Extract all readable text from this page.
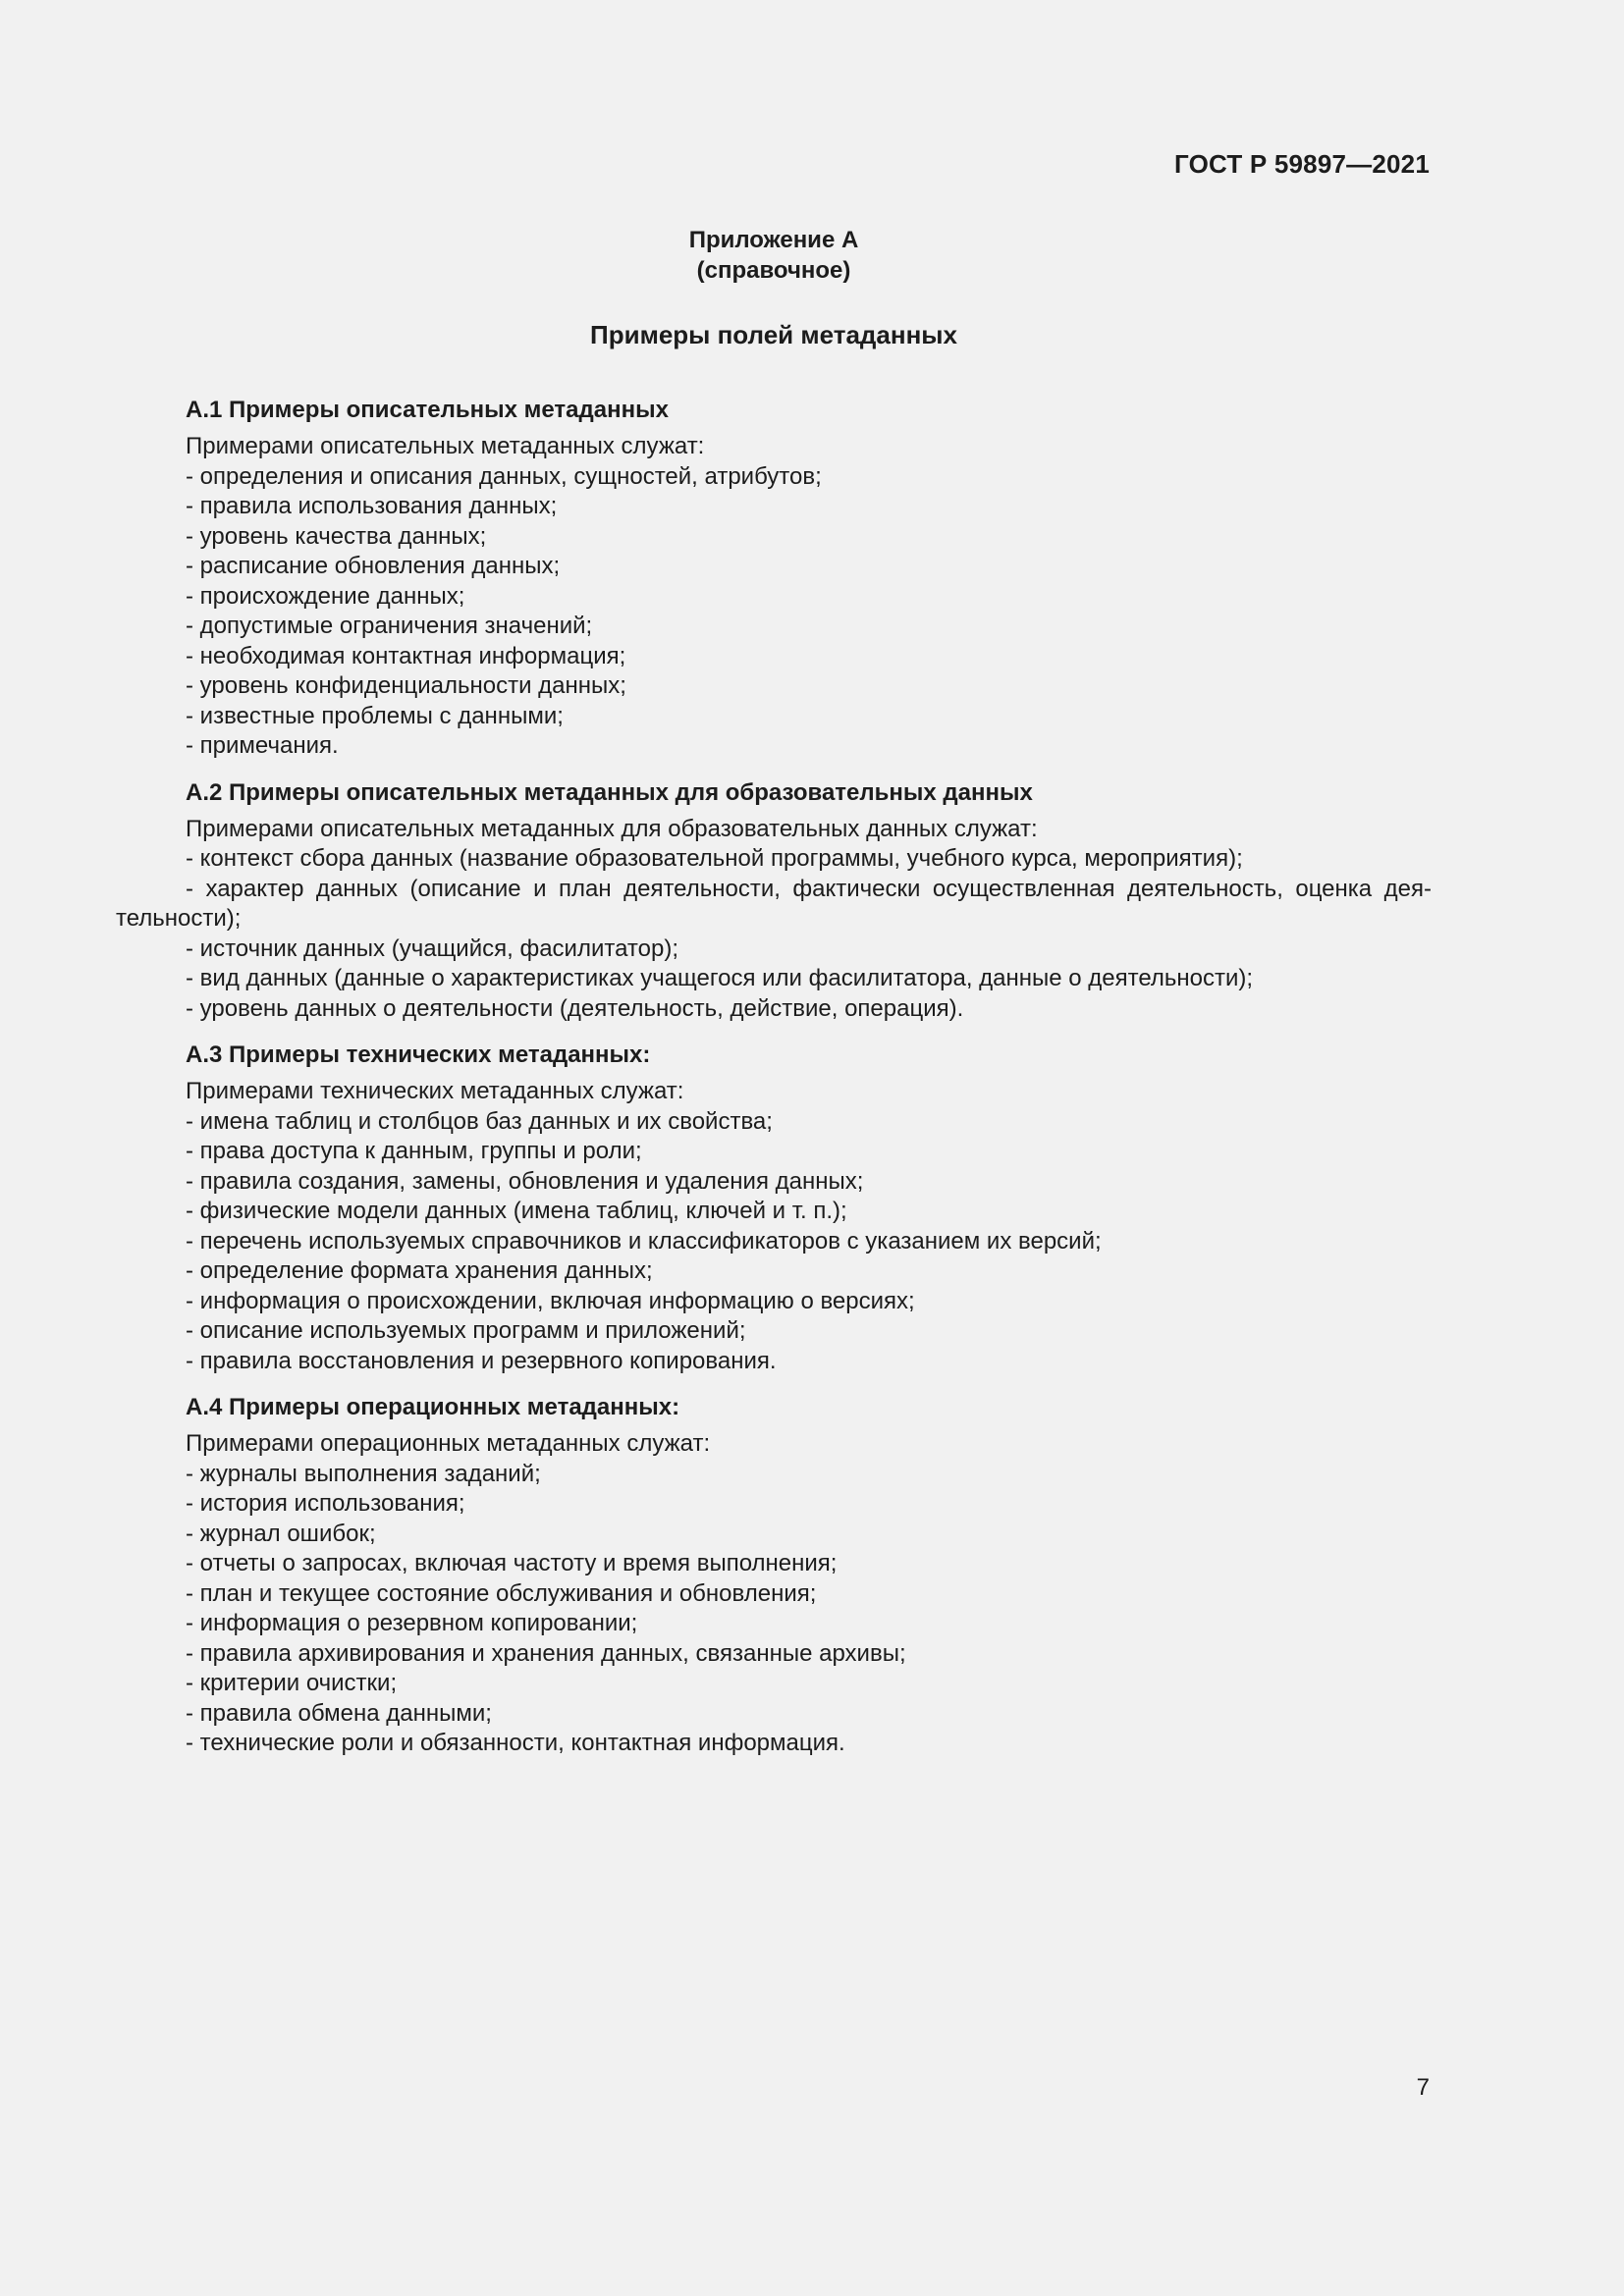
ГОСТ Р 59897—2021
Приложение А
(справочное)
Примеры полей метаданных
А.1 Примеры описательных метаданных
Примерами описательных метаданных служат:
- определения и описания данных, сущностей, атрибутов;
- правила использования данных;
- уровень качества данных;
- расписание обновления данных;
- происхождение данных;
- допустимые ограничения значений;
- необходимая контактная информация;
- уровень конфиденциальности данных;
- известные проблемы с данными;
- примечания.
А.2 Примеры описательных метаданных для образовательных данных
Примерами описательных метаданных для образовательных данных служат:
- контекст сбора данных (название образовательной программы, учебного курса, мероприятия);
- характер данных (описание и план деятельности, фактически осуществленная деятельность, оценка деятельности);
- источник данных (учащийся, фасилитатор);
- вид данных (данные о характеристиках учащегося или фасилитатора, данные о деятельности);
- уровень данных о деятельности (деятельность, действие, операция).
А.3 Примеры технических метаданных:
Примерами технических метаданных служат:
- имена таблиц и столбцов баз данных и их свойства;
- права доступа к данным, группы и роли;
- правила создания, замены, обновления и удаления данных;
- физические модели данных (имена таблиц, ключей и т. п.);
- перечень используемых справочников и классификаторов с указанием их версий;
- определение формата хранения данных;
- информация о происхождении, включая информацию о версиях;
- описание используемых программ и приложений;
- правила восстановления и резервного копирования.
А.4 Примеры операционных метаданных:
Примерами операционных метаданных служат:
- журналы выполнения заданий;
- история использования;
- журнал ошибок;
- отчеты о запросах, включая частоту и время выполнения;
- план и текущее состояние обслуживания и обновления;
- информация о резервном копировании;
- правила архивирования и хранения данных, связанные архивы;
- критерии очистки;
- правила обмена данными;
- технические роли и обязанности, контактная информация.
7
